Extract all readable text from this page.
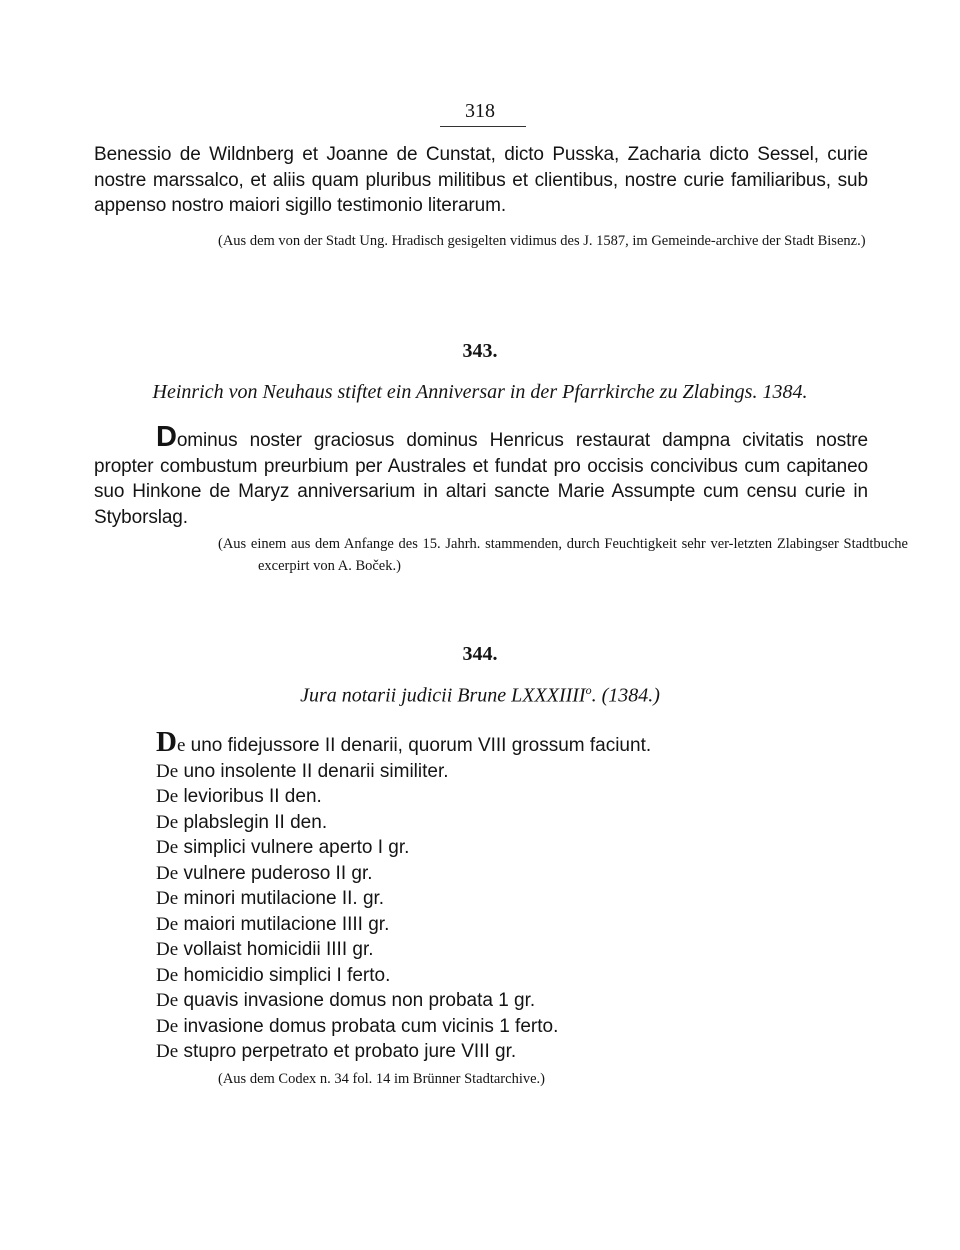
318

Benessio de Wildnberg et Joanne de Cunstat, dicto Pusska, Zacharia dicto Sessel, curie nostre marssalco, et aliis quam pluribus militibus et clientibus, nostre curie familiaribus, sub appenso nostro maiori sigillo testimonio literarum.

(Aus dem von der Stadt Ung. Hradisch gesigelten vidimus des J. 1587, im Gemeinde-archive der Stadt Bisenz.)

343.

Heinrich von Neuhaus stiftet ein Anniversar in der Pfarrkirche zu Zlabings. 1384.

Dominus noster graciosus dominus Henricus restaurat dampna civitatis nostre propter combustum preurbium per Australes et fundat pro occisis concivibus cum capitaneo suo Hinkone de Maryz anniversarium in altari sancte Marie Assumpte cum censu curie in Styborslag.

(Aus einem aus dem Anfange des 15. Jahrh. stammenden, durch Feuchtigkeit sehr ver-letzten Zlabingser Stadtbuche excerpirt von A. Boček.)

344.

Jura notarii judicii Brune LXXXIIII$^o$. (1384.)

De uno fidejussore II denarii, quorum VIII grossum faciunt.
De uno insolente II denarii similiter.
De levioribus II den.
De plabslegin II den.
De simplici vulnere aperto I gr.
De vulnere puderoso II gr.
De minori mutilacione II. gr.
De maiori mutilacione IIII gr.
De vollaist homicidii IIII gr.
De homicidio simplici I ferto.
De quavis invasione domus non probata 1 gr.
De invasione domus probata cum vicinis 1 ferto.
De stupro perpetrato et probato jure VIII gr.

(Aus dem Codex n. 34 fol. 14 im Brünner Stadtarchive.)
